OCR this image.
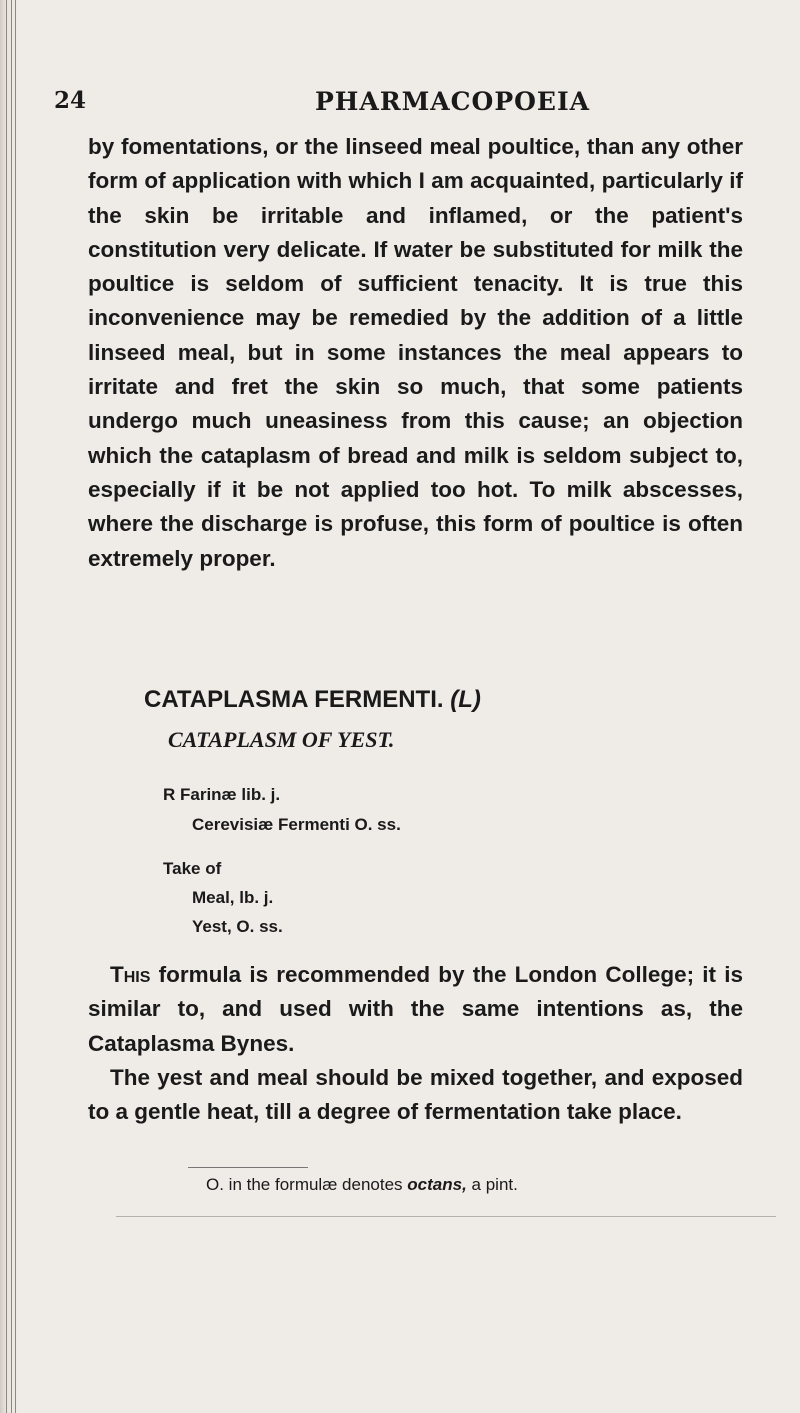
24	PHARMACOPOEIA

by fomentations, or the linseed meal poultice, than any other form of application with which I am acquainted, particularly if the skin be irritable and inflamed, or the patient's constitution very delicate. If water be substituted for milk the poultice is seldom of sufficient tenacity. It is true this inconvenience may be remedied by the addition of a little linseed meal, but in some instances the meal appears to irritate and fret the skin so much, that some patients undergo much uneasiness from this cause; an objection which the cataplasm of bread and milk is seldom subject to, especially if it be not applied too hot. To milk abscesses, where the discharge is profuse, this form of poultice is often extremely proper.

CATAPLASMA FERMENTI. (L)
CATAPLASM OF YEST.
R Farinæ lib. j.
Cerevisiæ Fermenti O. ss.
Take of
Meal, lb. j.
Yest, O. ss.

This formula is recommended by the London College; it is similar to, and used with the same intentions as, the Cataplasma Bynes.

The yest and meal should be mixed together, and exposed to a gentle heat, till a degree of fermentation take place.

O. in the formulæ denotes octans, a pint.
